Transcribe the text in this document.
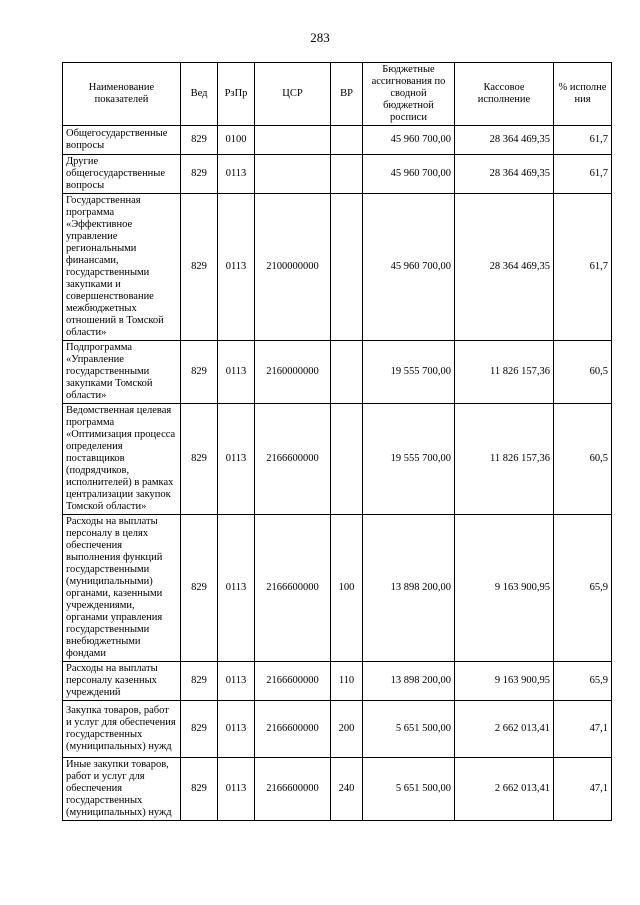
283
Наименование показателей	Вед	РзПр	ЦСР	ВР	Бюджетные ассигнования по сводной бюджетной росписи	Кассовое исполнение	% исполне ния
Общегосударственные вопросы	829	0100			45 960 700,00	28 364 469,35	61,7
Другие общегосударственные вопросы	829	0113			45 960 700,00	28 364 469,35	61,7
Государственная программа «Эффективное управление региональными финансами, государственными закупками и совершенствование межбюджетных отношений в Томской области»	829	0113	2100000000		45 960 700,00	28 364 469,35	61,7
Подпрограмма «Управление государственными закупками Томской области»	829	0113	2160000000		19 555 700,00	11 826 157,36	60,5
Ведомственная целевая программа «Оптимизация процесса определения поставщиков (подрядчиков, исполнителей) в рамках централизации закупок Томской области»	829	0113	2166600000		19 555 700,00	11 826 157,36	60,5
Расходы на выплаты персоналу в целях обеспечения выполнения функций государственными (муниципальными) органами, казенными учреждениями, органами управления государственными внебюджетными фондами	829	0113	2166600000	100	13 898 200,00	9 163 900,95	65,9
Расходы на выплаты персоналу казенных учреждений	829	0113	2166600000	110	13 898 200,00	9 163 900,95	65,9
Закупка товаров, работ и услуг для обеспечения государственных (муниципальных) нужд	829	0113	2166600000	200	5 651 500,00	2 662 013,41	47,1
Иные закупки товаров, работ и услуг для обеспечения государственных (муниципальных) нужд	829	0113	2166600000	240	5 651 500,00	2 662 013,41	47,1
